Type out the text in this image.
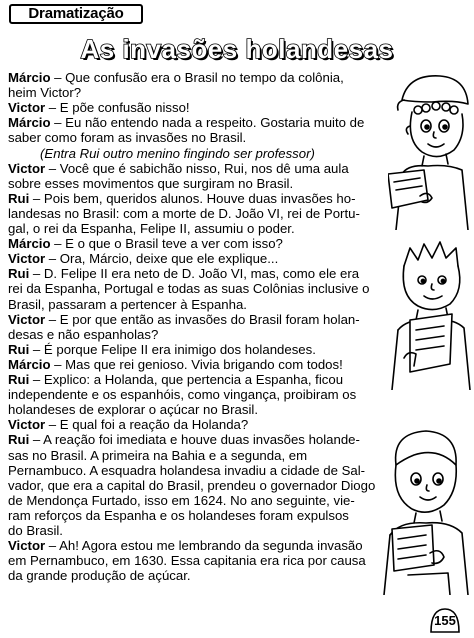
Dramatização
As invasões holandesas
Márcio – Que confusão era o Brasil no tempo da colônia,
heim Victor?
Victor – E põe confusão nisso!
Márcio – Eu não entendo nada a respeito. Gostaria muito de
saber como foram as invasões no Brasil.
(Entra Rui outro menino fingindo ser professor)
Victor – Você que é sabichão nisso, Rui, nos dê uma aula
sobre esses movimentos que surgiram no Brasil.
Rui – Pois bem, queridos alunos. Houve duas invasões ho-
landesas no Brasil: com a morte de D. João VI, rei de Portu-
gal, o rei da Espanha, Felipe II, assumiu o poder.
Márcio – E o que o Brasil teve a ver com isso?
Victor – Ora, Márcio, deixe que ele explique...
Rui – D. Felipe II era neto de D. João VI, mas, como ele era
rei da Espanha, Portugal e todas as suas Colônias inclusive o
Brasil, passaram a pertencer à Espanha.
Victor – E por que então as invasões do Brasil foram holan-
desas e não espanholas?
Rui – É porque Felipe II era inimigo dos holandeses.
Márcio – Mas que rei genioso. Vivia brigando com todos!
Rui – Explico: a Holanda, que pertencia a Espanha, ficou
independente e os espanhóis, como vingança, proibiram os
holandeses de explorar o açúcar no Brasil.
Victor – E qual foi a reação da Holanda?
Rui – A reação foi imediata e houve duas invasões holande-
sas no Brasil. A primeira na Bahia e a segunda, em
Pernambuco. A esquadra holandesa invadiu a cidade de Sal-
vador, que era a capital do Brasil, prendeu o governador Diogo
de Mendonça Furtado, isso em 1624. No ano seguinte, vie-
ram reforços da Espanha e os holandeses foram expulsos
do Brasil.
Victor – Ah! Agora estou me lembrando da segunda invasão
em Pernambuco, em 1630. Essa capitania era rica por causa
da grande produção de açúcar.
155
